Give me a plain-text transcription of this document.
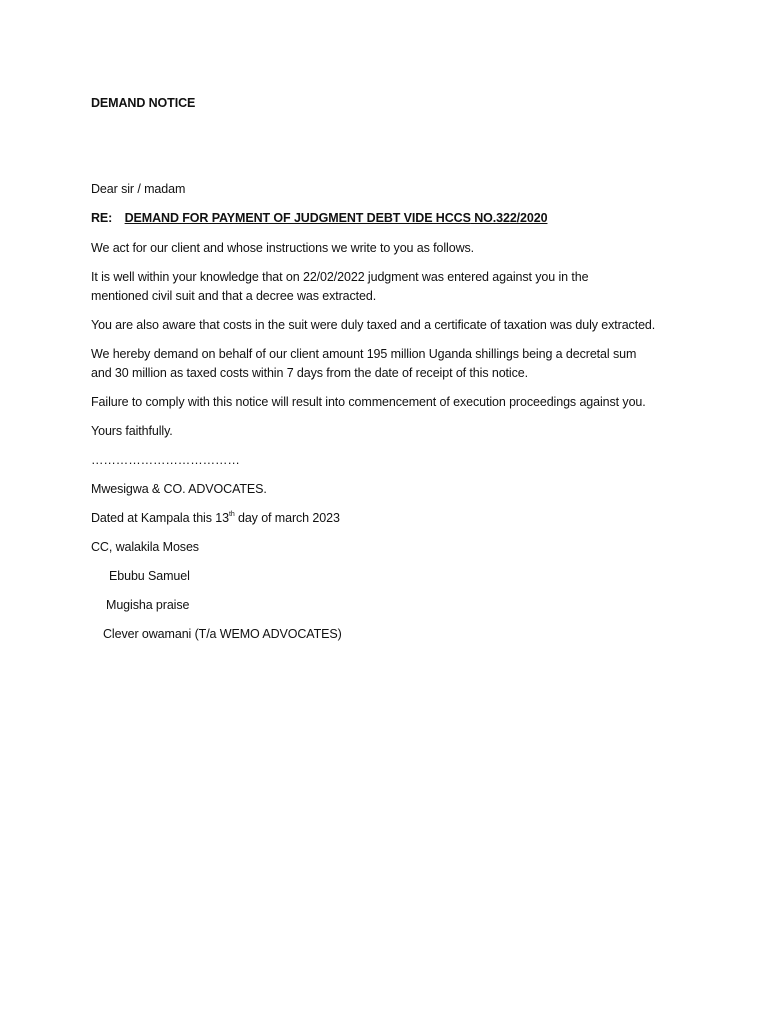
DEMAND NOTICE
Dear sir / madam
RE: DEMAND FOR PAYMENT OF JUDGMENT DEBT VIDE HCCS NO.322/2020
We act for our client and whose instructions we write to you as follows.
It is well within your knowledge that on 22/02/2022 judgment was entered against you in the
mentioned civil suit and that a decree was extracted.
You are also aware that costs in the suit were duly taxed and a certificate of taxation was duly extracted.
We hereby demand on behalf of our client amount 195 million Uganda shillings being a decretal sum
and 30 million as taxed costs within 7 days from the date of receipt of this notice.
Failure to comply with this notice will result into commencement of execution proceedings against you.
Yours faithfully.
………………………………
Mwesigwa & CO. ADVOCATES.
Dated at Kampala this 13th day of march 2023
CC, walakila Moses
Ebubu Samuel
Mugisha praise
Clever owamani (T/a WEMO ADVOCATES)
